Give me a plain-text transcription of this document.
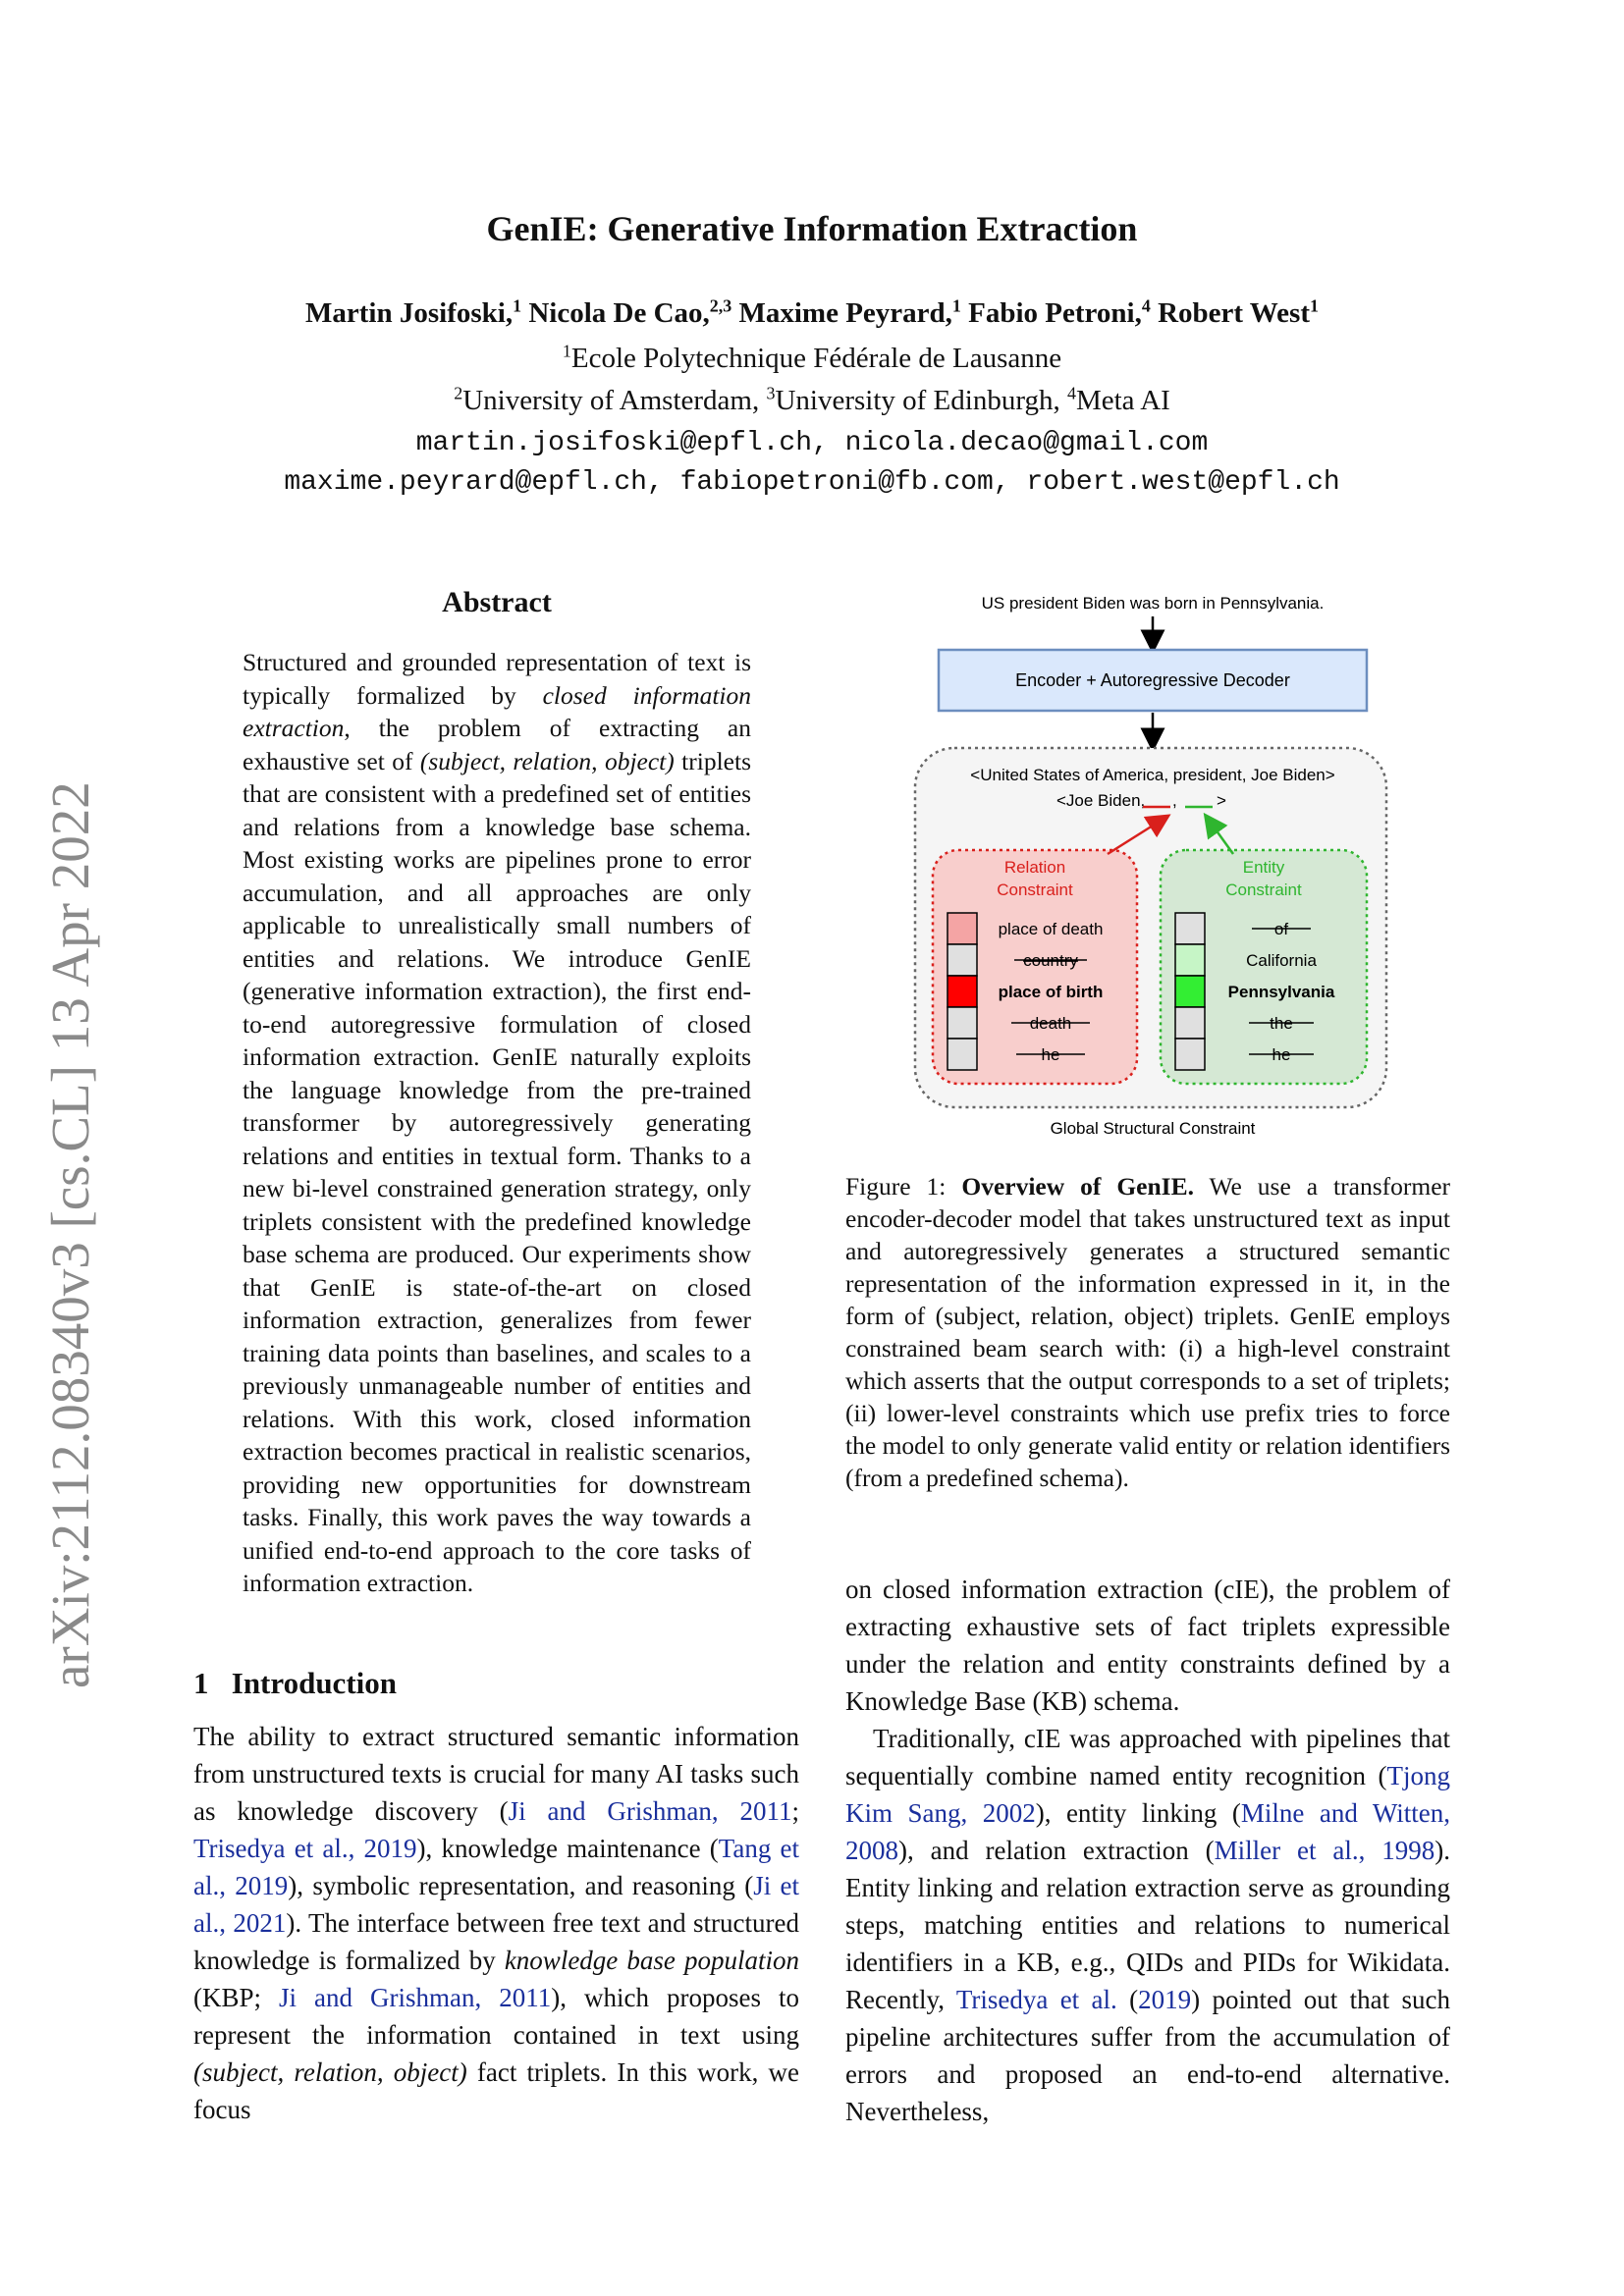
arXiv:2112.08340v3 [cs.CL] 13 Apr 2022
GenIE: Generative Information Extraction
Martin Josifoski,$^1$ Nicola De Cao,$^{2,3}$ Maxime Peyrard,$^1$ Fabio Petroni,$^4$ Robert West$^1$
$^1$Ecole Polytechnique Fédérale de Lausanne
$^2$University of Amsterdam, $^3$University of Edinburgh, $^4$Meta AI
martin.josifoski@epfl.ch, nicola.decao@gmail.com
maxime.peyrard@epfl.ch, fabiopetroni@fb.com, robert.west@epfl.ch
Abstract
Structured and grounded representation of text is typically formalized by closed information extraction, the problem of extracting an exhaustive set of (subject, relation, object) triplets that are consistent with a predefined set of entities and relations from a knowledge base schema. Most existing works are pipelines prone to error accumulation, and all approaches are only applicable to unrealistically small numbers of entities and relations. We introduce GenIE (generative information extraction), the first end-to-end autoregressive formulation of closed information extraction. GenIE naturally exploits the language knowledge from the pre-trained transformer by autoregressively generating relations and entities in textual form. Thanks to a new bi-level constrained generation strategy, only triplets consistent with the predefined knowledge base schema are produced. Our experiments show that GenIE is state-of-the-art on closed information extraction, generalizes from fewer training data points than baselines, and scales to a previously unmanageable number of entities and relations. With this work, closed information extraction becomes practical in realistic scenarios, providing new opportunities for downstream tasks. Finally, this work paves the way towards a unified end-to-end approach to the core tasks of information extraction.
1 Introduction
The ability to extract structured semantic information from unstructured texts is crucial for many AI tasks such as knowledge discovery (Ji and Grishman, 2011; Trisedya et al., 2019), knowledge maintenance (Tang et al., 2019), symbolic representation, and reasoning (Ji et al., 2021). The interface between free text and structured knowledge is formalized by knowledge base population (KBP; Ji and Grishman, 2011), which proposes to represent the information contained in text using (subject, relation, object) fact triplets. In this work, we focus
US president Biden was born in Pennsylvania.
Encoder + Autoregressive Decoder
<United States of America, president, Joe Biden>
<Joe Biden, , >
Relation
Constraint
place of death
country
place of birth
death
he
Entity
Constraint
of
California
Pennsylvania
the
he
Global Structural Constraint
Figure 1: Overview of GenIE. We use a transformer encoder-decoder model that takes unstructured text as input and autoregressively generates a structured semantic representation of the information expressed in it, in the form of (subject, relation, object) triplets. GenIE employs constrained beam search with: (i) a high-level constraint which asserts that the output corresponds to a set of triplets; (ii) lower-level constraints which use prefix tries to force the model to only generate valid entity or relation identifiers (from a predefined schema).

on closed information extraction (cIE), the problem of extracting exhaustive sets of fact triplets expressible under the relation and entity constraints defined by a Knowledge Base (KB) schema.

Traditionally, cIE was approached with pipelines that sequentially combine named entity recognition (Tjong Kim Sang, 2002), entity linking (Milne and Witten, 2008), and relation extraction (Miller et al., 1998). Entity linking and relation extraction serve as grounding steps, matching entities and relations to numerical identifiers in a KB, e.g., QIDs and PIDs for Wikidata. Recently, Trisedya et al. (2019) pointed out that such pipeline architectures suffer from the accumulation of errors and proposed an end-to-end alternative. Nevertheless,
